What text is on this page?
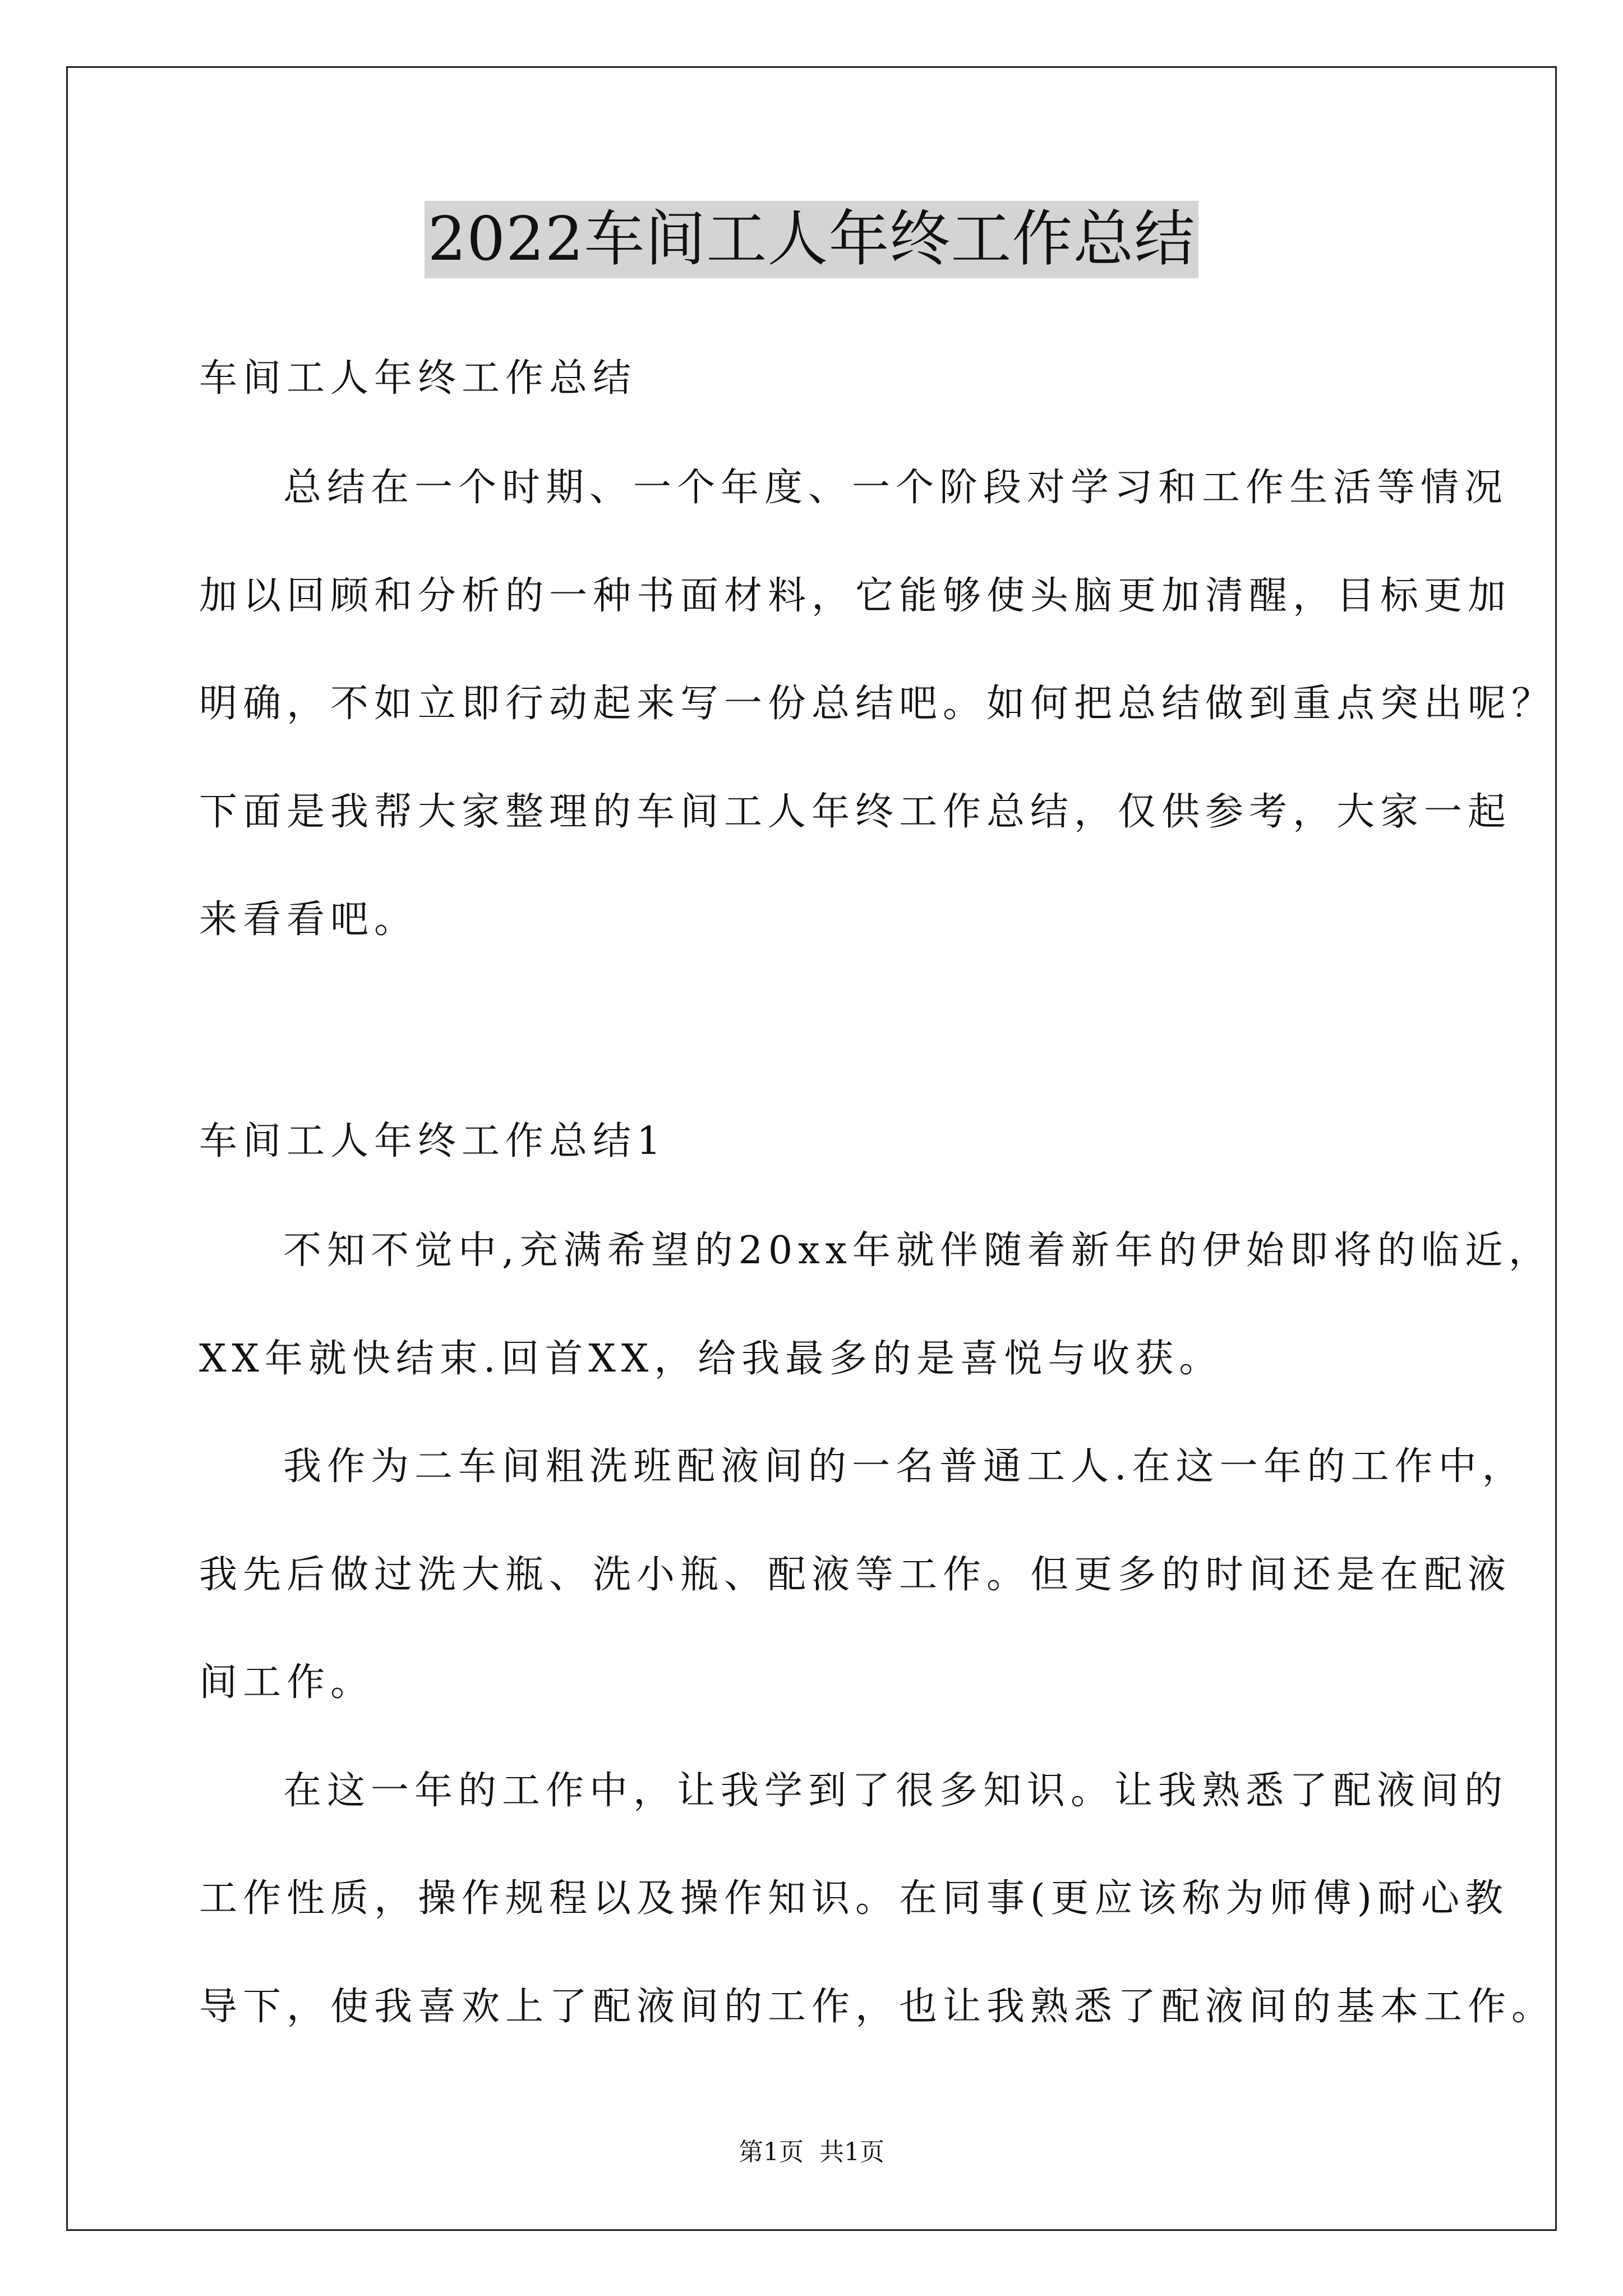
2022车间工人年终工作总结
车间工人年终工作总结
总结在一个时期、一个年度、一个阶段对学习和工作生活等情况
加以回顾和分析的一种书面材料，它能够使头脑更加清醒，目标更加
明确，不如立即行动起来写一份总结吧。如何把总结做到重点突出呢？
下面是我帮大家整理的车间工人年终工作总结，仅供参考，大家一起
来看看吧。
车间工人年终工作总结1
不知不觉中,充满希望的20xx年就伴随着新年的伊始即将的临近，
XX年就快结束.回首XX，给我最多的是喜悦与收获。
我作为二车间粗洗班配液间的一名普通工人.在这一年的工作中，
我先后做过洗大瓶、洗小瓶、配液等工作。但更多的时间还是在配液
间工作。
在这一年的工作中，让我学到了很多知识。让我熟悉了配液间的
工作性质，操作规程以及操作知识。在同事(更应该称为师傅)耐心教
导下，使我喜欢上了配液间的工作，也让我熟悉了配液间的基本工作。
第1页 共1页
